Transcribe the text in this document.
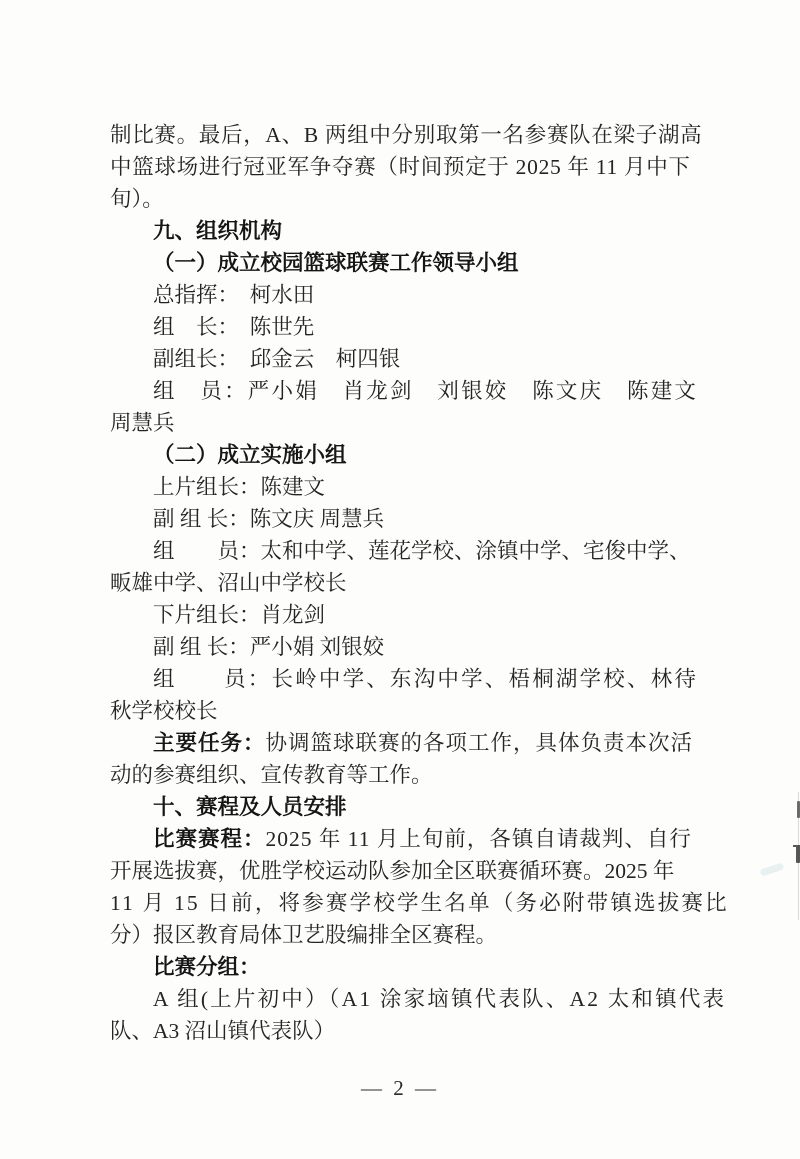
制比赛。最后，A、B 两组中分别取第一名参赛队在梁子湖高
中篮球场进行冠亚军争夺赛（时间预定于 2025 年 11 月中下
旬）。
九、组织机构
（一）成立校园篮球联赛工作领导小组
总指挥：　柯水田
组　长：　陈世先
副组长：　邱金云　柯四银
组　员：严小娟　肖龙剑　刘银姣　陈文庆　陈建文
周慧兵
（二）成立实施小组
上片组长：陈建文
副 组 长：陈文庆 周慧兵
组　　员：太和中学、莲花学校、涂镇中学、宅俊中学、
畈雄中学、沼山中学校长
下片组长：肖龙剑
副 组 长：严小娟 刘银姣
组　　员：长岭中学、东沟中学、梧桐湖学校、林待
秋学校校长
主要任务：协调篮球联赛的各项工作，具体负责本次活
动的参赛组织、宣传教育等工作。
十、赛程及人员安排
比赛赛程：2025 年 11 月上旬前，各镇自请裁判、自行
开展选拔赛，优胜学校运动队参加全区联赛循环赛。2025 年
11 月 15 日前，将参赛学校学生名单（务必附带镇选拔赛比
分）报区教育局体卫艺股编排全区赛程。
比赛分组：
A 组(上片初中）（A1 涂家垴镇代表队、A2 太和镇代表
队、A3 沼山镇代表队）
— 2 —
